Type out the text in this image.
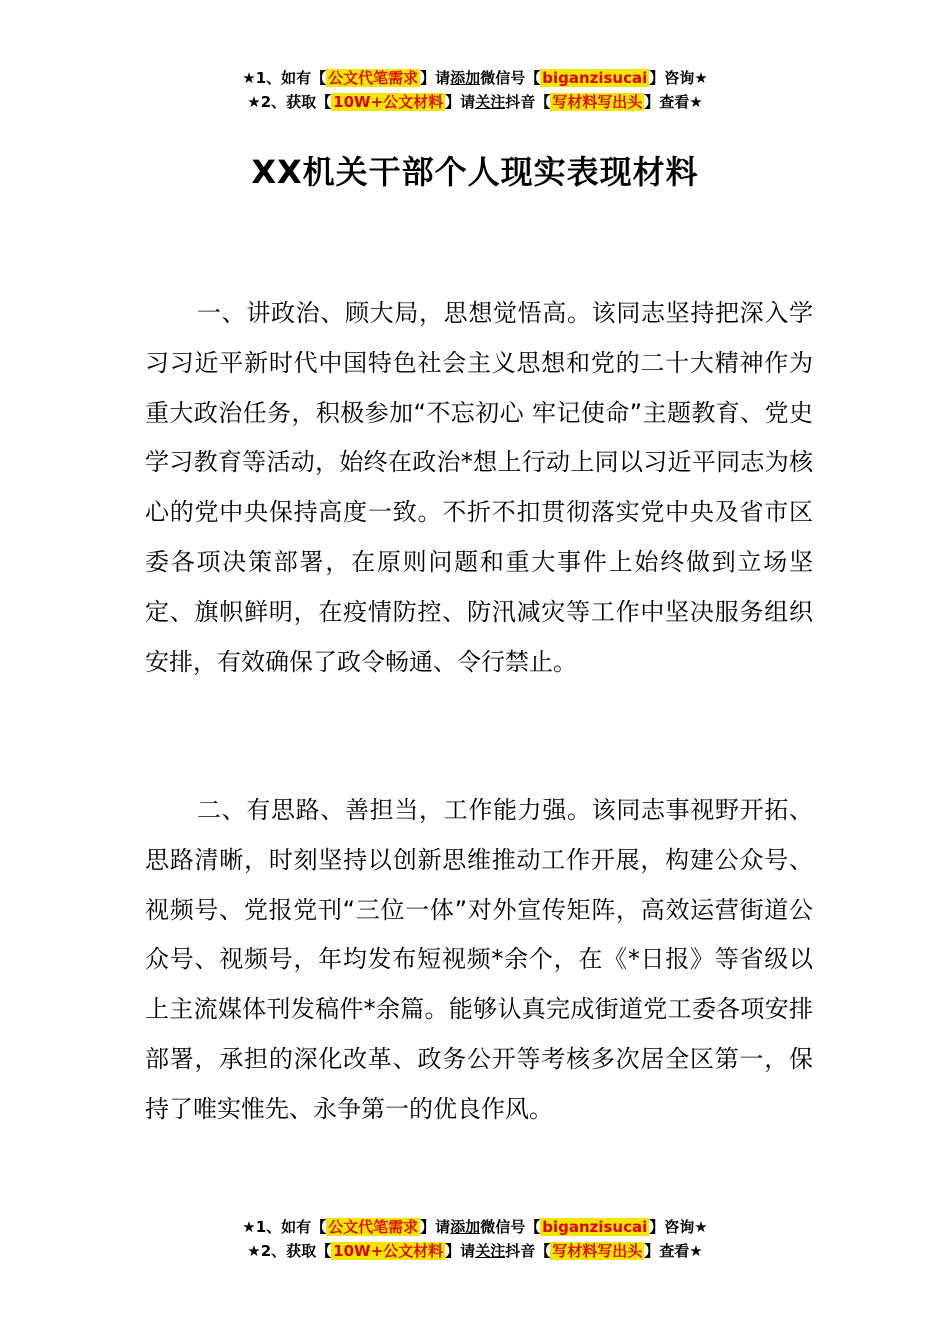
★1、如有【 公文代笔需求 】请添加微信号【 biganzisucai 】咨询★
★2、获取【 10W+公文材料 】请关注抖音【 写材料写出头 】查看★
XX机关干部个人现实表现材料

一、讲政治、顾大局，思想觉悟高。该同志坚持把深入学习习近平新时代中国特色社会主义思想和党的二十大精神作为重大政治任务，积极参加“不忘初心 牢记使命”主题教育、党史学习教育等活动，始终在政治*想上行动上同以习近平同志为核心的党中央保持高度一致。不折不扣贯彻落实党中央及省市区委各项决策部署，在原则问题和重大事件上始终做到立场坚定、旗帜鲜明，在疫情防控、防汛减灾等工作中坚决服务组织安排，有效确保了政令畅通、令行禁止。

二、有思路、善担当，工作能力强。该同志事视野开拓、思路清晰，时刻坚持以创新思维推动工作开展，构建公众号、视频号、党报党刊“三位一体”对外宣传矩阵，高效运营街道公众号、视频号，年均发布短视频*余个，在《*日报》等省级以上主流媒体刊发稿件*余篇。能够认真完成街道党工委各项安排部署，承担的深化改革、政务公开等考核多次居全区第一，保持了唯实惟先、永争第一的优良作风。

★1、如有【 公文代笔需求 】请添加微信号【 biganzisucai 】咨询★
★2、获取【 10W+公文材料 】请关注抖音【 写材料写出头 】查看★
